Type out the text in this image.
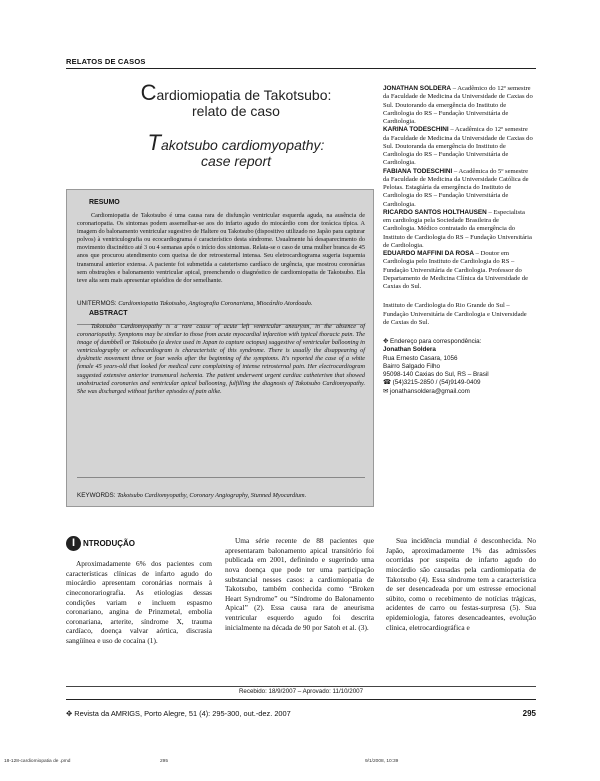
RELATOS DE CASOS
Cardiomiopatia de Takotsubo:
relato de caso
Takotsubo cardiomyopathy:
case report
RESUMO
Cardiomiopatia de Takotsubo é uma causa rara de disfunção ventricular esquerda aguda, na ausência de coronariopatia. Os sintomas podem assemelhar-se aos do infarto agudo do miocárdio com dor torácica típica. A imagem do balonamento ventricular sugestivo de Haltere ou Takotsubo (dispositivo utilizado no Japão para capturar polvos) à ventriculografia ou ecocardiograma é característico desta síndrome. Usualmente há desaparecimento do movimento discinético até 3 ou 4 semanas após o início dos sintomas. Relata-se o caso de uma mulher branca de 45 anos que procurou atendimento com queixa de dor retroesternal intensa. Seu eletrocardiograma sugeria isquemia transmural anterior extensa. A paciente foi submetida a cateterismo cardíaco de urgência, que mostrou coronárias sem obstruções e balonamento ventricular apical, preenchendo o diagnóstico de cardiomiopatia de Takotsubo. Ela teve alta sem mais apresentar episódios de dor semelhante.
UNITERMOS: Cardiomiopatia Takotsubo, Angiografia Coronariana, Miocárdio Atordoado.
ABSTRACT
Takotsubo Cardiomyopathy is a rare cause of acute left ventricular aneurysm, in the absence of coronariopathy. Symptoms may be similar to those from acute myocardial infarction with typical thoracic pain. The image of dumbbell or Takotsubo (a device used in Japan to capture octopus) suggestive of ventricular ballooning in ventriculography or echocardiogram is characteristic of this syndrome. There is usually the disappearing of dyskinetic movement three or four weeks after the beginning of the symptoms. It's reported the case of a white female 45 years-old that looked for medical care complaining of intense retrosternal pain. Her electrocardiogram suggested extensive anterior transmural ischemia. The patient underwent urgent cardiac catheterism that showed unobstructed coronaries and ventricular apical ballooning, fulfilling the diagnosis of Takotsubo Cardiomyopathy. She was discharged without further episodes of pain alike.
KEYWORDS: Takotsubo Cardiomyopathy, Coronary Angiography, Stunned Myocardium.

JONATHAN SOLDERA – Acadêmico do 12º semestre da Faculdade de Medicina da Universidade de Caxias do Sul. Doutorando da emergência do Instituto de Cardiologia do RS – Fundação Universitária de Cardiologia.

KARINA TODESCHINI – Acadêmica do 12º semestre da Faculdade de Medicina da Universidade de Caxias do Sul. Doutoranda da emergência do Instituto de Cardiologia do RS – Fundação Universitária de Cardiologia.

FABIANA TODESCHINI – Acadêmica do 5º semestre da Faculdade de Medicina da Universidade Católica de Pelotas. Estagiária da emergência do Instituto de Cardiologia do RS – Fundação Universitária de Cardiologia.

RICARDO SANTOS HOLTHAUSEN – Especialista em cardiologia pela Sociedade Brasileira de Cardiologia. Médico contratado da emergência do Instituto de Cardiologia do RS – Fundação Universitária de Cardiologia.

EDUARDO MAFFINI DA ROSA – Doutor em Cardiologia pelo Instituto de Cardiologia do RS – Fundação Universitária de Cardiologia. Professor do Departamento de Medicina Clínica da Universidade de Caxias do Sul.

Instituto de Cardiologia do Rio Grande do Sul – Fundação Universitária de Cardiologia e Universidade de Caxias do Sul.
✥ Endereço para correspondência:
Jonathan Soldera
Rua Ernesto Casara, 1056
Bairro Salgado Filho
95098-140 Caxias do Sul, RS – Brasil
☎ (54)3215-2850 / (54)9149-0409
✉ jonathansoldera@gmail.com
I NTRODUÇÃO

Aproximadamente 6% dos pacientes com características clínicas de infarto agudo do miocárdio apresentam coronárias normais à cineconorariografia. As etiologias dessas condições variam e incluem espasmo coronariano, angina de Prinzmetal, embolia coronariana, arterite, síndrome X, trauma cardíaco, doença valvar aórtica, discrasia sangüínea e uso de cocaína (1).

Uma série recente de 88 pacientes que apresentaram balonamento apical transitório foi publicada em 2001, definindo e sugerindo uma nova doença que pode ter uma participação substancial nesses casos: a cardiomiopatia de Takotsubo, também conhecida como “Broken Heart Syndrome” ou “Síndrome do Balonamento Apical” (2). Essa causa rara de aneurisma ventricular esquerdo agudo foi descrita inicialmente na década de 90 por Satoh et al. (3).

Sua incidência mundial é desconhecida. No Japão, aproximadamente 1% das admissões ocorridas por suspeita de infarto agudo do miocárdio são causadas pela cardiomiopatia de Takotsubo (4). Essa síndrome tem a característica de ser desencadeada por um estresse emocional súbito, como o recebimento de notícias trágicas, acidentes de carro ou festas-surpresa (5). Sua epidemiologia, fatores desencadeantes, evolução clínica, eletrocardiográfica e

Recebido: 18/9/2007 – Aprovado: 11/10/2007
✥ Revista da AMRIGS, Porto Alegre, 51 (4): 295-300, out.-dez. 2007	295
18-128-cardiomiopatia de .pmd	295	9/1/2008, 10:39
